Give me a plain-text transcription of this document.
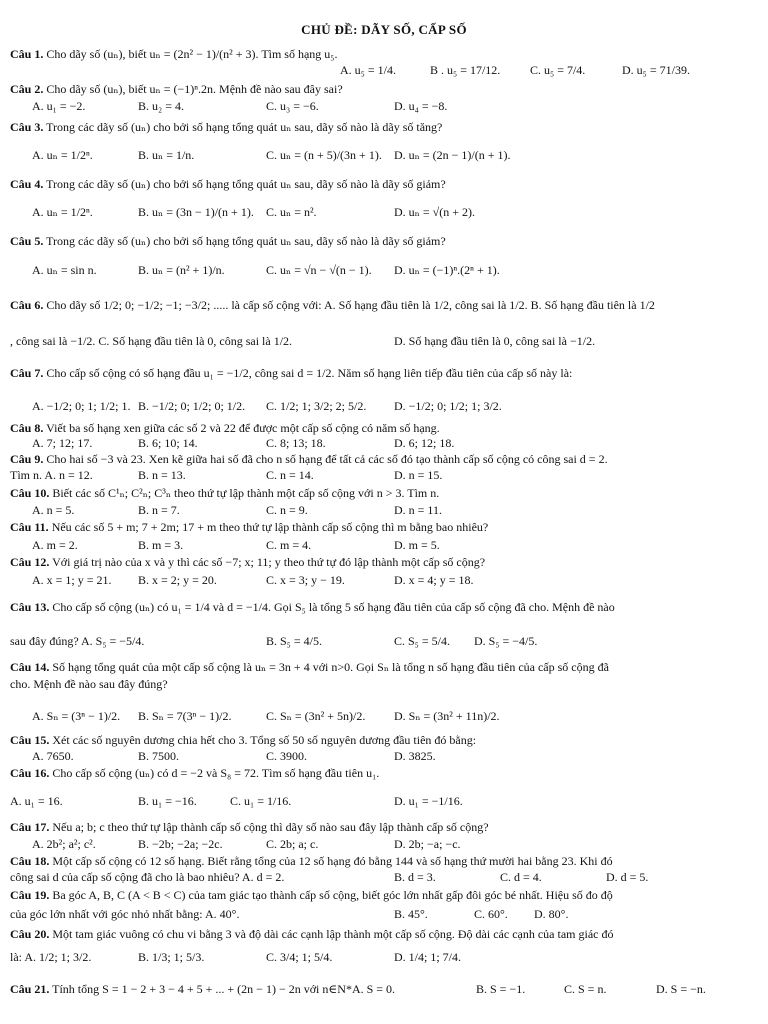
CHỦ ĐỀ: DÃY SỐ, CẤP SỐ
Câu 1. Cho dãy số (uₙ), biết uₙ = (2n² − 1)/(n² + 3). Tìm số hạng u₅.
A. u₅ = 1/4.	B . u₅ = 17/12. C. u₅ = 7/4.	D. u₅ = 71/39.
Câu 2. Cho dãy số (uₙ), biết uₙ = (−1)ⁿ.2n. Mệnh đề nào sau đây sai?
A. u₁ = −2.	B. u₂ = 4.	C. u₃ = −6.	D. u₄ = −8.
Câu 3. Trong các dãy số (uₙ) cho bởi số hạng tổng quát uₙ sau, dãy số nào là dãy số tăng?
A. uₙ = 1/2ⁿ.	B. uₙ = 1/n.	C. uₙ = (n + 5)/(3n + 1). D. uₙ = (2n − 1)/(n + 1).
Câu 4. Trong các dãy số (uₙ) cho bởi số hạng tổng quát uₙ sau, dãy số nào là dãy số giảm?
A. uₙ = 1/2ⁿ.	B. uₙ = (3n − 1)/(n + 1). C. uₙ = n².	D. uₙ = √(n + 2).
Câu 5. Trong các dãy số (uₙ) cho bởi số hạng tổng quát uₙ sau, dãy số nào là dãy số giảm?
A. uₙ = sin n.	B. uₙ = (n² + 1)/n.	C. uₙ = √n − √(n − 1). D. uₙ = (−1)ⁿ.(2ⁿ + 1).
Câu 6. Cho dãy số 1/2; 0; −1/2; −1; −3/2; ..... là cấp số cộng với: A. Số hạng đầu tiên là 1/2, công sai là 1/2. B. Số hạng đầu tiên là 1/2
, công sai là −1/2. C. Số hạng đầu tiên là 0, công sai là 1/2.	D. Số hạng đầu tiên là 0, công sai là −1/2.
Câu 7. Cho cấp số cộng có số hạng đầu u₁ = −1/2, công sai d = 1/2. Năm số hạng liên tiếp đầu tiên của cấp số này là:
A. −1/2; 0; 1; 1/2; 1. B. −1/2; 0; 1/2; 0; 1/2. C. 1/2; 1; 3/2; 2; 5/2. D. −1/2; 0; 1/2; 1; 3/2.
Câu 8. Viết ba số hạng xen giữa các số 2 và 22 để được một cấp số cộng có năm số hạng.
A. 7; 12; 17.	B. 6; 10; 14.	C. 8; 13; 18.	D. 6; 12; 18.
Câu 9. Cho hai số −3 và 23. Xen kẽ giữa hai số đã cho n số hạng để tất cả các số đó tạo thành cấp số cộng có công sai d = 2.
Tìm n. A. n = 12.	B. n = 13.	C. n = 14.	D. n = 15.
Câu 10. Biết các số C¹ₙ; C²ₙ; C³ₙ theo thứ tự lập thành một cấp số cộng với n > 3. Tìm n.
A. n = 5.	B. n = 7.	C. n = 9.	D. n = 11.
Câu 11. Nếu các số 5 + m; 7 + 2m; 17 + m theo thứ tự lập thành cấp số cộng thì m bằng bao nhiêu?
A. m = 2.	B. m = 3.	C. m = 4.	D. m = 5.
Câu 12. Với giá trị nào của x và y thì các số −7; x; 11; y theo thứ tự đó lập thành một cấp số cộng?
A. x = 1; y = 21. B. x = 2; y = 20.	C. x = 3; y − 19.	D. x = 4; y = 18.
Câu 13. Cho cấp số cộng (uₙ) có u₁ = 1/4 và d = −1/4. Gọi S₅ là tổng 5 số hạng đầu tiên của cấp số cộng đã cho. Mệnh đề nào
sau đây đúng? A. S₅ = −5/4.	B. S₅ = 4/5.	C. S₅ = 5/4. D. S₅ = −4/5.
Câu 14. Số hạng tổng quát của một cấp số cộng là uₙ = 3n + 4 với n>0. Gọi Sₙ là tổng n số hạng đầu tiên của cấp số cộng đã
cho. Mệnh đề nào sau đây đúng?
A. Sₙ = (3ⁿ − 1)/2. B. Sₙ = 7(3ⁿ − 1)/2.	C. Sₙ = (3n² + 5n)/2. D. Sₙ = (3n² + 11n)/2.
Câu 15. Xét các số nguyên dương chia hết cho 3. Tổng số 50 số nguyên dương đầu tiên đó bằng:
A. 7650.	B. 7500.	C. 3900.	D. 3825.
Câu 16. Cho cấp số cộng (uₙ) có d = −2 và S₈ = 72. Tìm số hạng đầu tiên u₁.
A. u₁ = 16.	B. u₁ = −16.	C. u₁ = 1/16.	D. u₁ = −1/16.
Câu 17. Nếu a; b; c theo thứ tự lập thành cấp số cộng thì dãy số nào sau đây lập thành cấp số cộng?
A. 2b²; a²; c².	B. −2b; −2a; −2c.	C. 2b; a; c.	D. 2b; −a; −c.
Câu 18. Một cấp số cộng có 12 số hạng. Biết rằng tổng của 12 số hạng đó bằng 144 và số hạng thứ mười hai bằng 23. Khi đó
công sai d của cấp số cộng đã cho là bao nhiêu? A. d = 2.	B. d = 3.	C. d = 4.	D. d = 5.
Câu 19. Ba góc A, B, C (A < B < C) của tam giác tạo thành cấp số cộng, biết góc lớn nhất gấp đôi góc bé nhất. Hiệu số đo độ
của góc lớn nhất với góc nhỏ nhất bằng: A. 40°.	B. 45°.	C. 60°. D. 80°.
Câu 20. Một tam giác vuông có chu vi bằng 3 và độ dài các cạnh lập thành một cấp số cộng. Độ dài các cạnh của tam giác đó
là: A. 1/2; 1; 3/2.	B. 1/3; 1; 5/3.	C. 3/4; 1; 5/4.	D. 1/4; 1; 7/4.
Câu 21. Tính tổng S = 1 − 2 + 3 − 4 + 5 + ... + (2n − 1) − 2n với n∈N*A. S = 0.	B. S = −1.	C. S = n.	D. S = −n.
